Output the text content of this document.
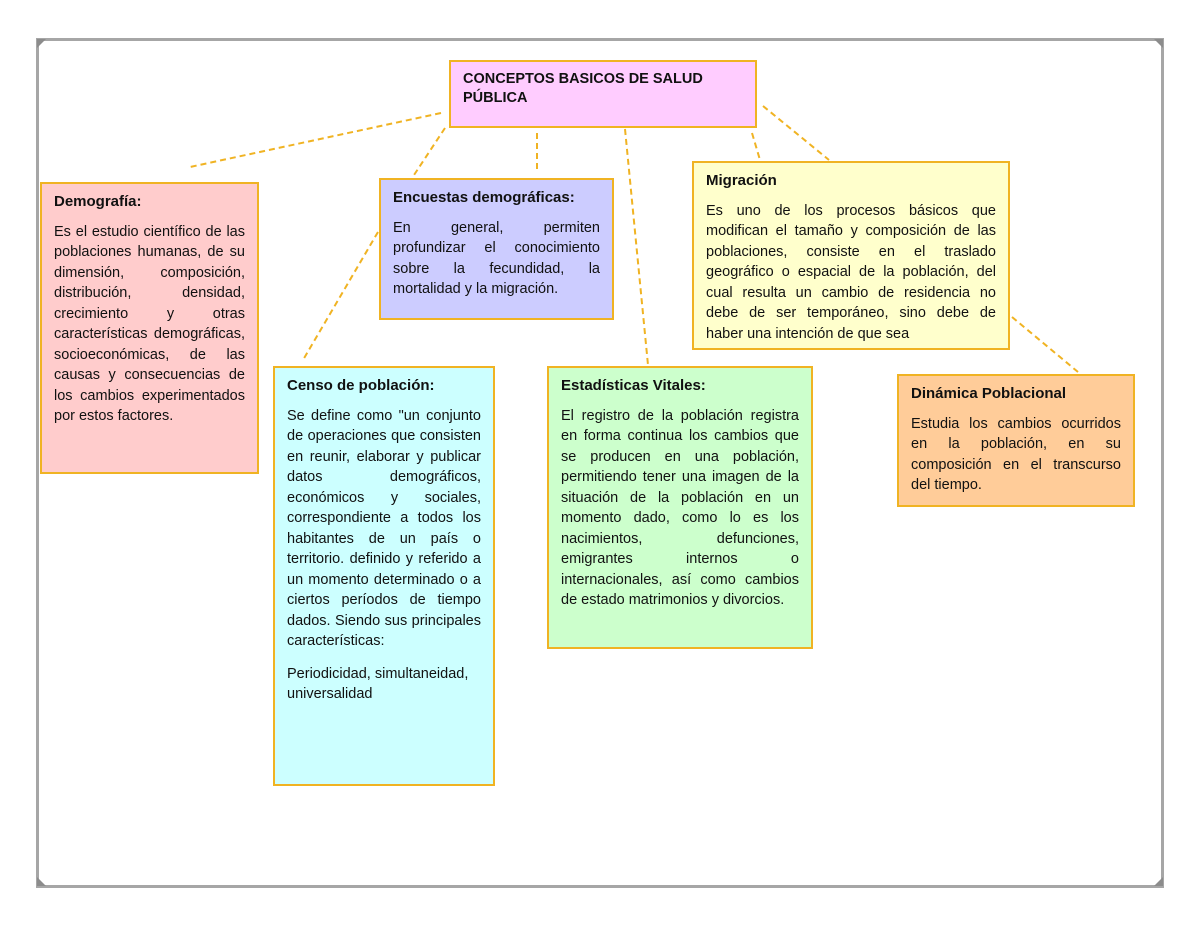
CONCEPTOS BASICOS DE SALUD PÚBLICA
Demografía:
Es el estudio científico de las poblaciones humanas, de su dimensión, composición, distribución, densidad, crecimiento y otras características demográficas, socioeconómicas, de las causas y consecuencias de los cambios experimentados por estos factores.
Encuestas demográficas:
En general, permiten profundizar el conocimiento sobre la fecundidad, la mortalidad y la migración.
Migración
Es uno de los procesos básicos que modifican el tamaño y composición de las poblaciones, consiste en el traslado geográfico o espacial de la población, del cual resulta un cambio de residencia no debe de ser temporáneo, sino debe de haber una intención de que sea
Censo de población:
Se define como "un conjunto de operaciones que consisten en reunir, elaborar y publicar datos demográficos, económicos y sociales, correspondiente a todos los habitantes de un país o territorio. definido y referido a un momento determinado o a ciertos períodos de tiempo dados. Siendo sus principales características:
Periodicidad, simultaneidad, universalidad
Estadísticas Vitales:
El registro de la población registra en forma continua los cambios que se producen en una población, permitiendo tener una imagen de la situación de la población en un momento dado, como lo es los nacimientos, defunciones, emigrantes internos o internacionales, así como cambios de estado matrimonios y divorcios.
Dinámica Poblacional
Estudia los cambios ocurridos en la población, en su composición en el transcurso del tiempo.
